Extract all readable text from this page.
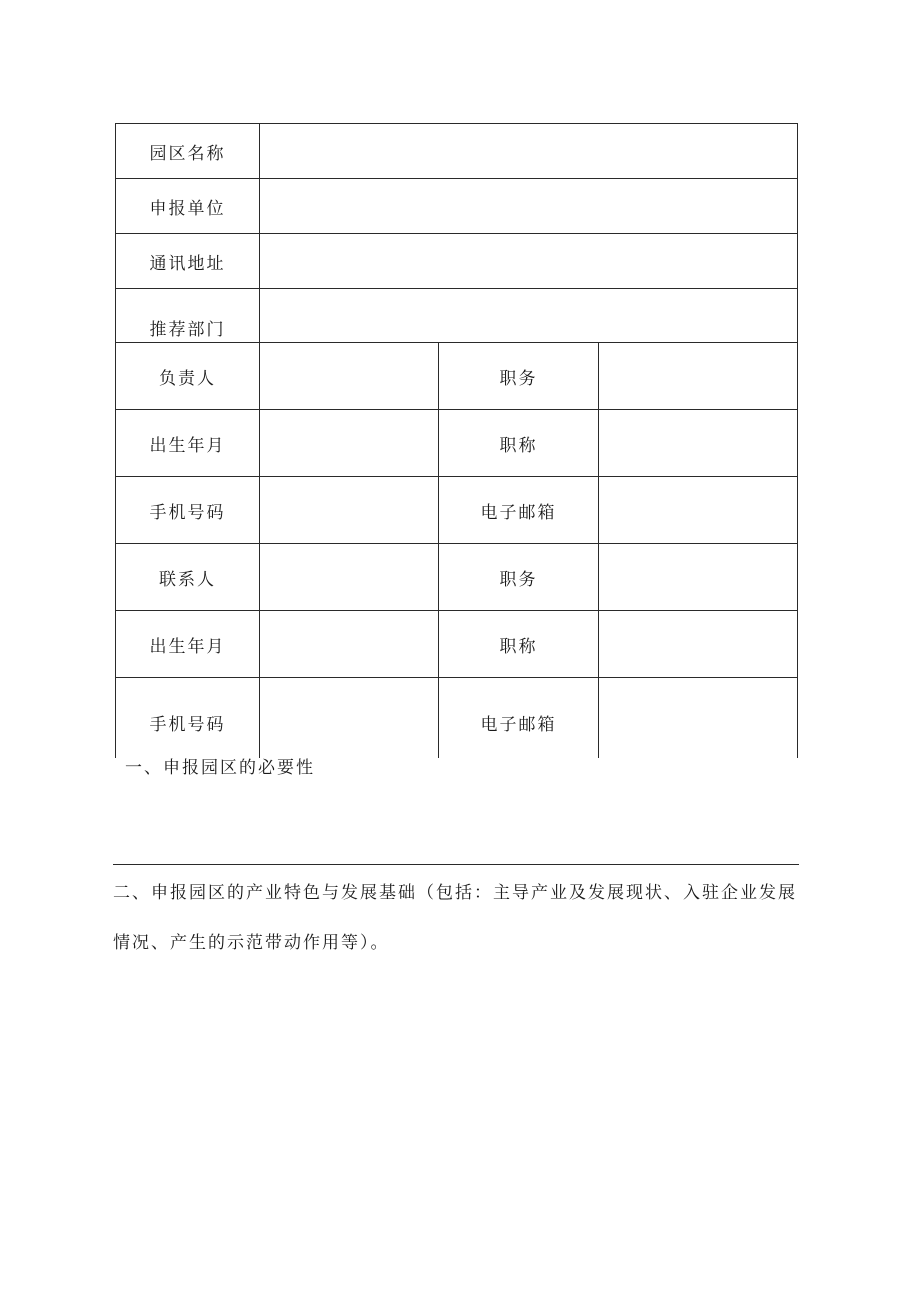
园区名称			
申报单位			
通讯地址			
推荐部门			
负责人		职务	
出生年月		职称	
手机号码		电子邮箱	
联系人		职务	
出生年月		职称	
手机号码		电子邮箱	

一、申报园区的必要性

二、申报园区的产业特色与发展基础（包括：主导产业及发展现状、入驻企业发展情况、产生的示范带动作用等）。
